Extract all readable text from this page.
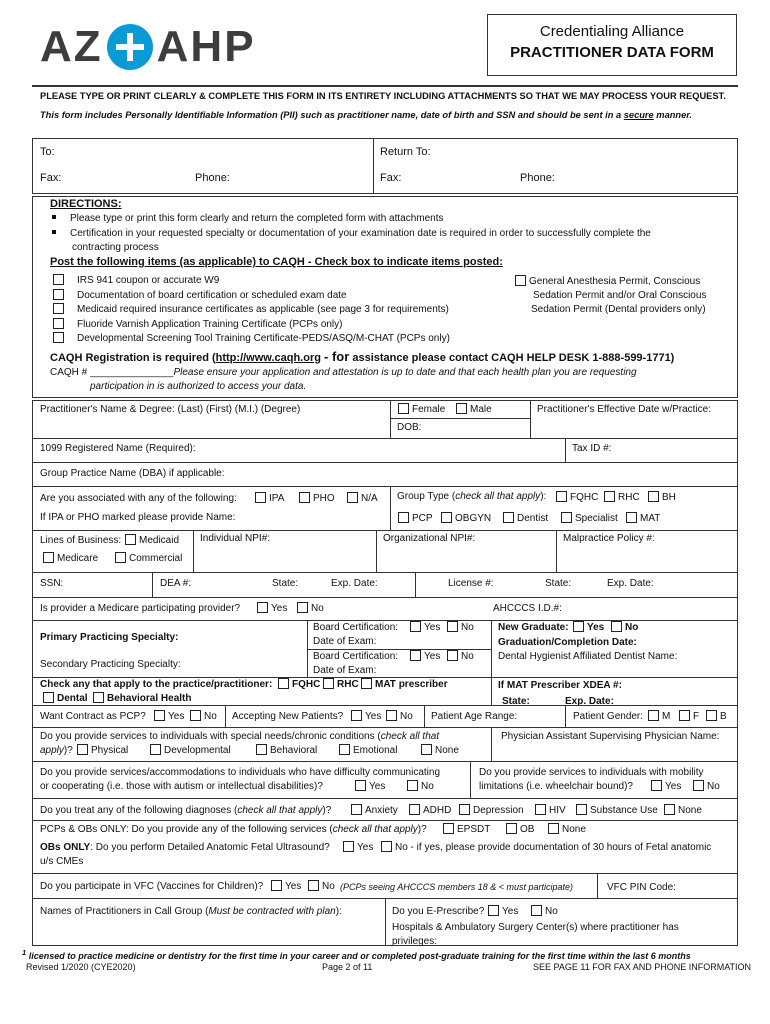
AZ AHP	Credentialing Alliance
PRACTITIONER DATA FORM
PLEASE TYPE OR PRINT CLEARLY & COMPLETE THIS FORM IN ITS ENTIRETY INCLUDING ATTACHMENTS SO THAT WE MAY PROCESS YOUR REQUEST.
This form includes Personally Identifiable Information (PII) such as practitioner name, date of birth and SSN and should be sent in a secure manner.
To:	Return To:
Fax:	Phone:	Fax:	Phone:
DIRECTIONS:
Please type or print this form clearly and return the completed form with attachments
Certification in your requested specialty or documentation of your examination date is required in order to successfully complete the
contracting process
Post the following items (as applicable) to CAQH - Check box to indicate items posted:
IRS 941 coupon or accurate W9
Documentation of board certification or scheduled exam date
Medicaid required insurance certificates as applicable (see page 3 for requirements)
Fluoride Varnish Application Training Certificate (PCPs only)
Developmental Screening Tool Training Certificate-PEDS/ASQ/M-CHAT (PCPs only)
General Anesthesia Permit, Conscious
Sedation Permit and/or Oral Conscious
Sedation Permit (Dental providers only)
CAQH Registration is required (http://www.caqh.org - for assistance please contact CAQH HELP DESK 1-888-599-1771)
CAQH # _______________Please ensure your application and attestation is up to date and that each health plan you are requesting
participation in is authorized to access your data.
Practitioner's Name & Degree: (Last) (First) (M.I.) (Degree)	Female	Male	Practitioner's Effective Date w/Practice:
DOB:
1099 Registered Name (Required):	Tax ID #:
Group Practice Name (DBA) if applicable:
Are you associated with any of the following:	IPA	PHO	N/A Group Type (check all that apply):	FQHC	RHC	BH
If IPA or PHO marked please provide Name:	PCP	OBGYN	Dentist	Specialist	MAT
Lines of Business:	Medicaid
Medicare	Commercial
Individual NPI#:	Organizational NPI#:	Malpractice Policy #:
SSN:	DEA #:	State:	Exp. Date:	License #:	State:	Exp. Date:
Is provider a Medicare participating provider?	Yes	No	AHCCCS I.D.#:
Primary Practicing Specialty:
Board Certification:	Yes	No
Date of Exam:
New Graduate:	Yes	No
Graduation/Completion Date:
Secondary Practicing Specialty:
Board Certification:	Yes	No
Date of Exam:
Dental Hygienist Affiliated Dentist Name:
Check any that apply to the practice/practitioner:	FQHC	RHC	MAT prescriber
Dental	Behavioral Health
If MAT Prescriber XDEA #:
State:	Exp. Date:
Want Contract as PCP?	Yes	No Accepting New Patients?	Yes	No Patient Age Range:	Patient Gender:	M	F	B
Do you provide services to individuals with special needs/chronic conditions (check all that
apply)?	Physical	Developmental	Behavioral	Emotional	None
Physician Assistant Supervising Physician Name:
Do you provide services/accommodations to individuals who have difficulty communicating
or cooperating (i.e. those with autism or intellectual disabilities)?	Yes	No
Do you provide services to individuals with mobility
limitations (i.e. wheelchair bound)?	Yes	No
Do you treat any of the following diagnoses (check all that apply)?	Anxiety	ADHD	Depression	HIV	Substance Use	None
PCPs & OBs ONLY: Do you provide any of the following services (check all that apply)?	EPSDT	OB	None
OBs ONLY: Do you perform Detailed Anatomic Fetal Ultrasound?	Yes	No - if yes, please provide documentation of 30 hours of Fetal anatomic
u/s CMEs
Do you participate in VFC (Vaccines for Children)?	Yes	No (PCPs seeing AHCCCS members 18 & < must participate)	VFC PIN Code:
Names of Practitioners in Call Group (Must be contracted with plan):	Do you E-Prescribe?	Yes	No
Hospitals & Ambulatory Surgery Center(s) where practitioner has
privileges:
$^1$ licensed to practice medicine or dentistry for the first time in your career and or completed post-graduate training for the first time within the last 6 months
Revised 1/2020 (CYE2020)	Page 2 of 11	SEE PAGE 11 FOR FAX AND PHONE INFORMATION
